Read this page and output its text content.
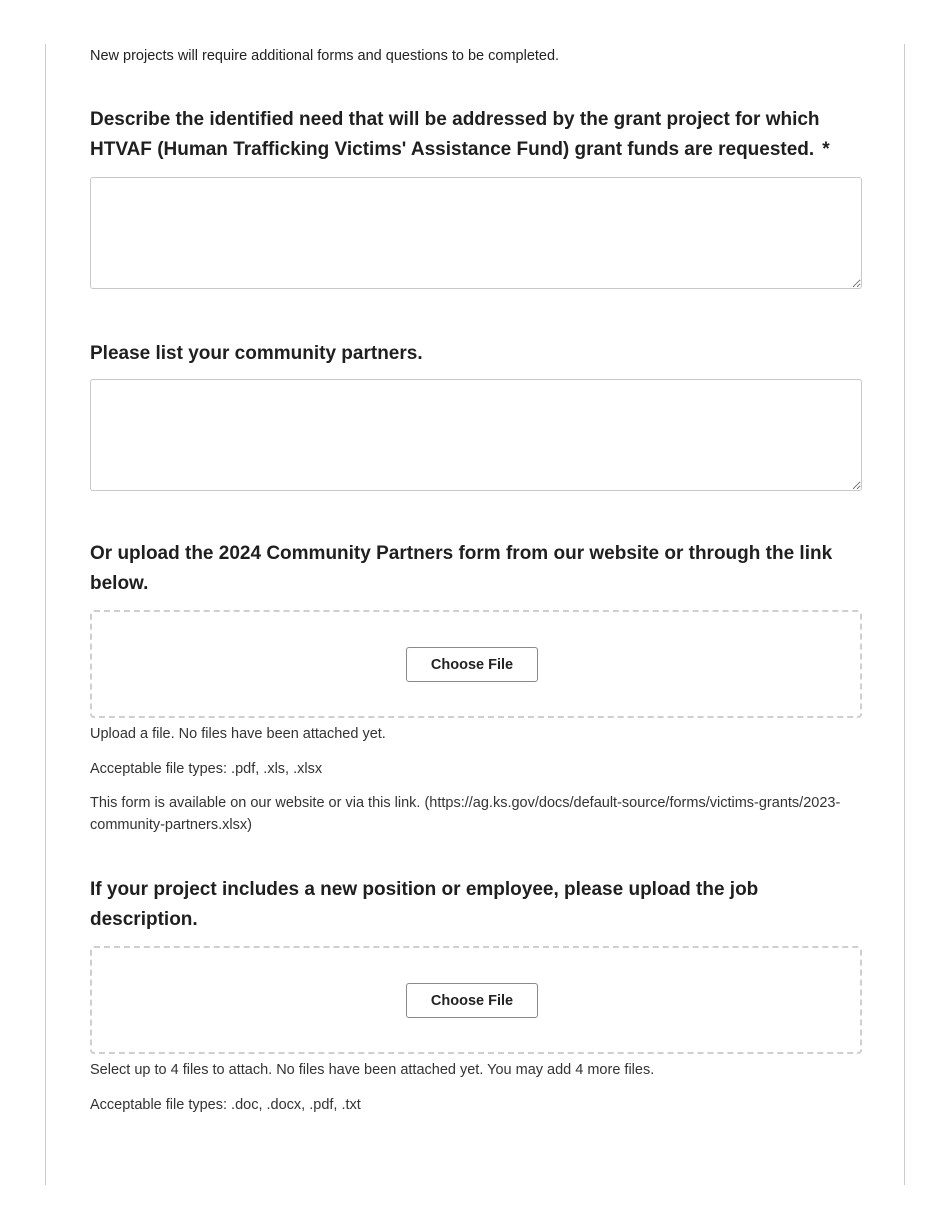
New projects will require additional forms and questions to be completed.

Describe the identified need that will be addressed by the grant project for which HTVAF (Human Trafficking Victims' Assistance Fund) grant funds are requested. *
Please list your community partners.
Or upload the 2024 Community Partners form from our website or through the link below.
Choose File

Upload a file. No files have been attached yet.

Acceptable file types: .pdf, .xls, .xlsx

This form is available on our website or via this link. (https://ag.ks.gov/docs/default-source/forms/victims-grants/2023-community-partners.xlsx)

If your project includes a new position or employee, please upload the job description.
Choose File

Select up to 4 files to attach. No files have been attached yet. You may add 4 more files.

Acceptable file types: .doc, .docx, .pdf, .txt
